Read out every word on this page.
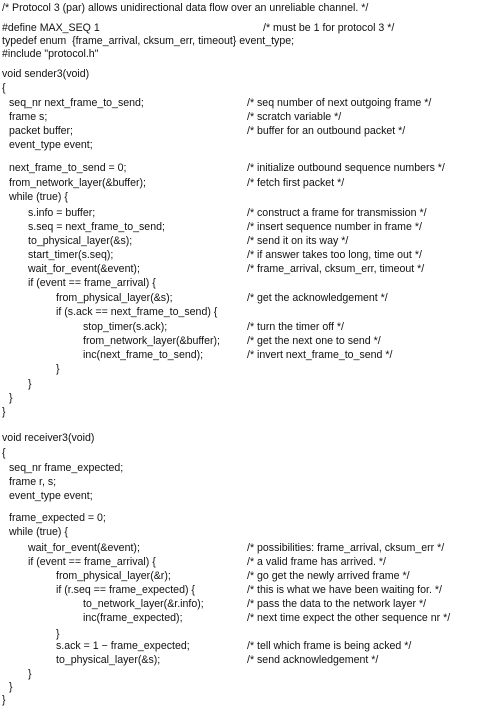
/* Protocol 3 (par) allows unidirectional data flow over an unreliable channel. */
#define MAX_SEQ 1	/* must be 1 for protocol 3 */
typedef enum  {frame_arrival, cksum_err, timeout} event_type;
#include "protocol.h"
void sender3(void)
{
seq_nr next_frame_to_send;	/* seq number of next outgoing frame */
frame s;	/* scratch variable */
packet buffer;	/* buffer for an outbound packet */
event_type event;
next_frame_to_send = 0;	/* initialize outbound sequence numbers */
from_network_layer(&buffer);	/* fetch first packet */
while (true) {
s.info = buffer;	/* construct a frame for transmission */
s.seq = next_frame_to_send;	/* insert sequence number in frame */
to_physical_layer(&s);	/* send it on its way */
start_timer(s.seq);	/* if answer takes too long, time out */
wait_for_event(&event);	/* frame_arrival, cksum_err, timeout */
if (event == frame_arrival) {
from_physical_layer(&s);	/* get the acknowledgement */
if (s.ack == next_frame_to_send) {
stop_timer(s.ack);	/* turn the timer off */
from_network_layer(&buffer);	/* get the next one to send */
inc(next_frame_to_send);	/* invert next_frame_to_send */
}
}
}
}
void receiver3(void)
{
seq_nr frame_expected;
frame r, s;
event_type event;
frame_expected = 0;
while (true) {
wait_for_event(&event);	/* possibilities: frame_arrival, cksum_err */
if (event == frame_arrival) {	/* a valid frame has arrived. */
from_physical_layer(&r);	/* go get the newly arrived frame */
if (r.seq == frame_expected) {	/* this is what we have been waiting for. */
to_network_layer(&r.info);	/* pass the data to the network layer */
inc(frame_expected);	/* next time expect the other sequence nr */
}
s.ack = 1 − frame_expected;	/* tell which frame is being acked */
to_physical_layer(&s);	/* send acknowledgement */
}
}
}
